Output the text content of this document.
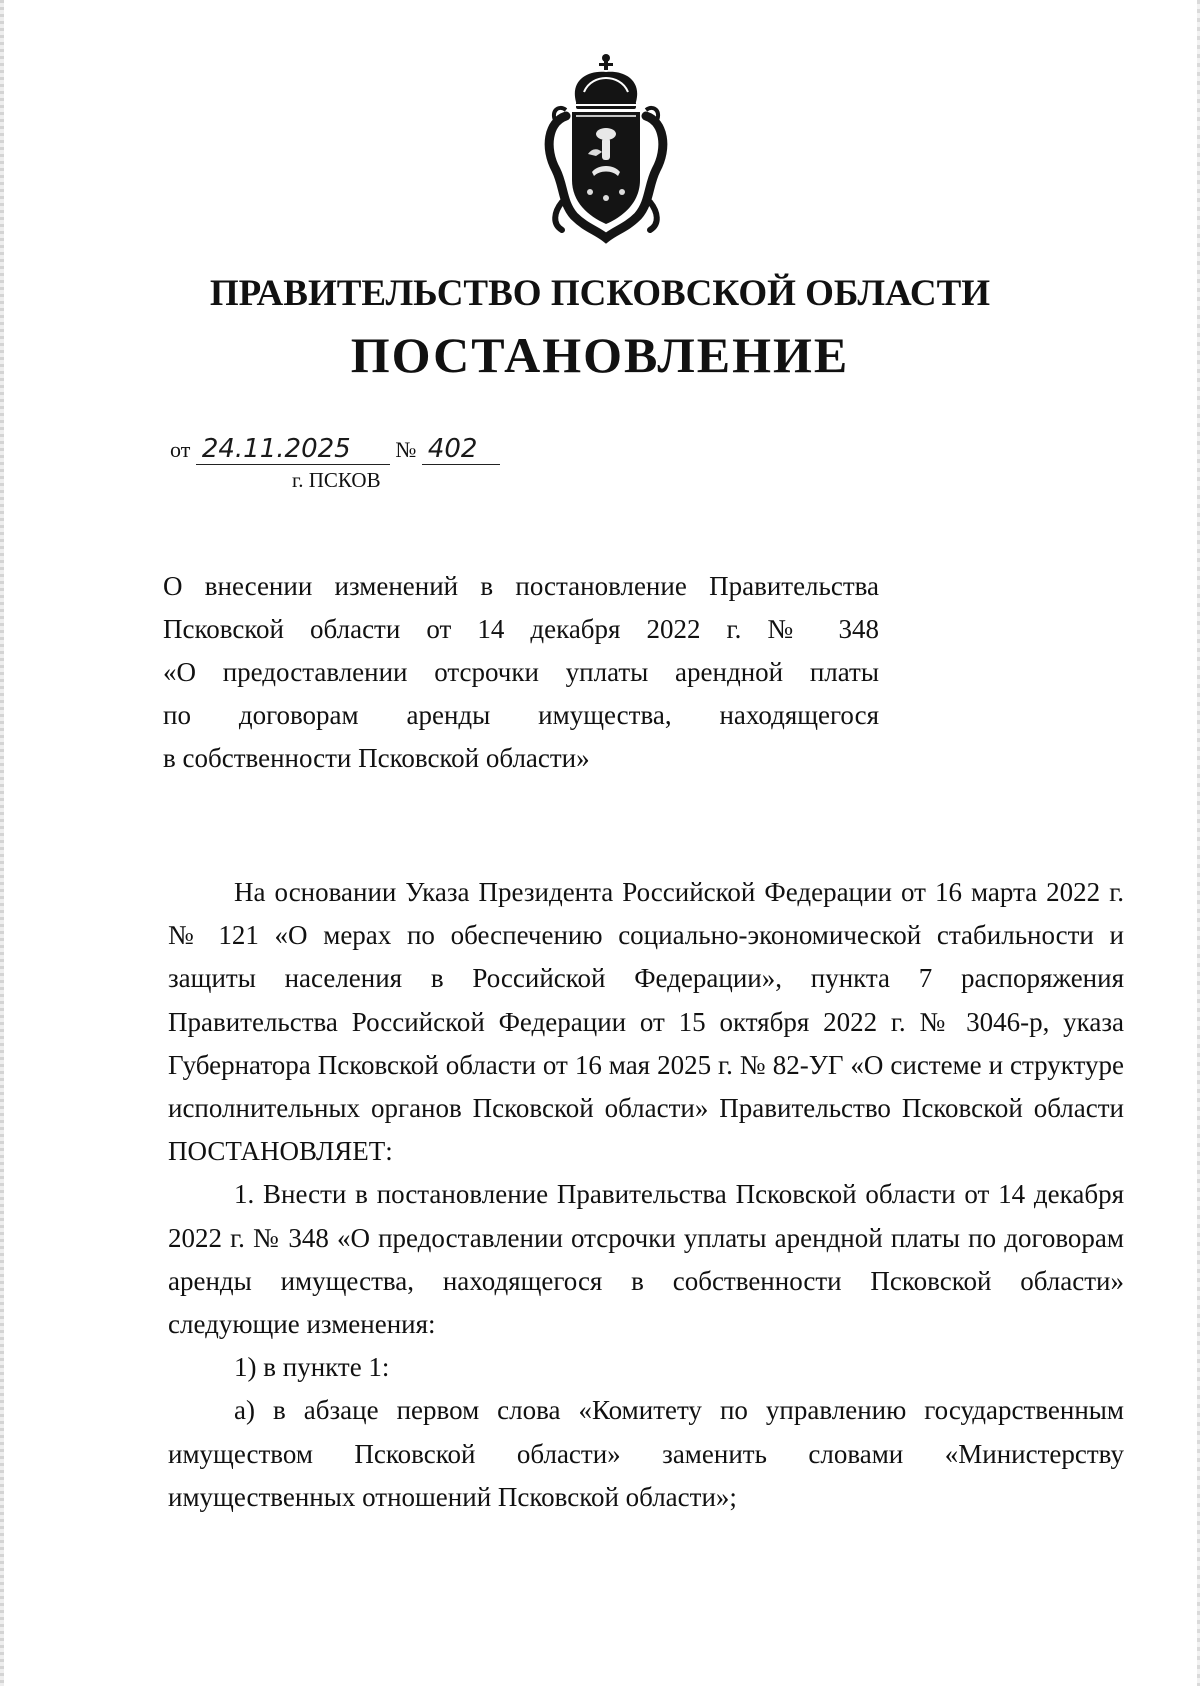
ПРАВИТЕЛЬСТВО ПСКОВСКОЙ ОБЛАСТИ
ПОСТАНОВЛЕНИЕ
от 24.11.2025 № 402
г. ПСКОВ
О внесении изменений в постановление Правительства
Псковской области от 14 декабря 2022 г. № 348
«О предоставлении отсрочки уплаты арендной платы
по договорам аренды имущества, находящегося
в собственности Псковской области»

На основании Указа Президента Российской Федерации от 16 марта 2022 г. № 121 «О мерах по обеспечению социально-экономической стабильности и защиты населения в Российской Федерации», пункта 7 распоряжения Правительства Российской Федерации от 15 октября 2022 г. № 3046-р, указа Губернатора Псковской области от 16 мая 2025 г. № 82-УГ «О системе и структуре исполнительных органов Псковской области» Правительство Псковской области ПОСТАНОВЛЯЕТ:

1. Внести в постановление Правительства Псковской области от 14 декабря 2022 г. № 348 «О предоставлении отсрочки уплаты арендной платы по договорам аренды имущества, находящегося в собственности Псковской области» следующие изменения:

1) в пункте 1:

а) в абзаце первом слова «Комитету по управлению государственным имуществом Псковской области» заменить словами «Министерству имущественных отношений Псковской области»;
